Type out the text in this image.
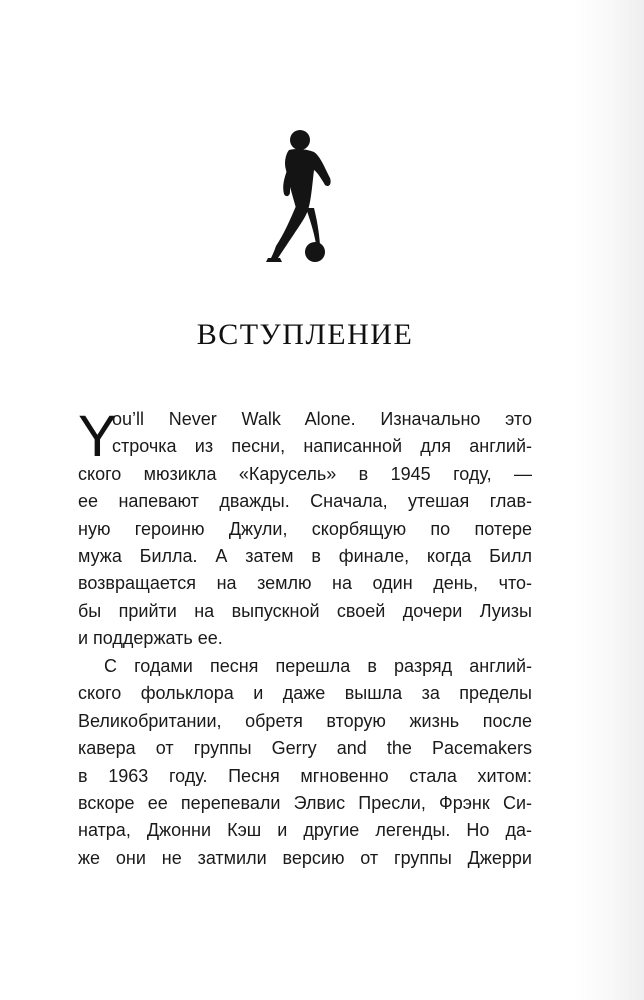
ВСТУПЛЕНИЕ
Y
ou’ll Never Walk Alone. Изначально это
строчка из песни, написанной для англий-
ского мюзикла «Карусель» в 1945 году, —
ее напевают дважды. Сначала, утешая глав-
ную героиню Джули, скорбящую по потере
мужа Билла. А затем в финале, когда Билл
возвращается на землю на один день, что-
бы прийти на выпускной своей дочери Луизы
и поддержать ее.
С годами песня перешла в разряд англий-
ского фольклора и даже вышла за пределы
Великобритании, обретя вторую жизнь после
кавера от группы Gerry and the Pacemakers
в 1963 году. Песня мгновенно стала хитом:
вскоре ее перепевали Элвис Пресли, Фрэнк Си-
натра, Джонни Кэш и другие легенды. Но да-
же они не затмили версию от группы Джерри
